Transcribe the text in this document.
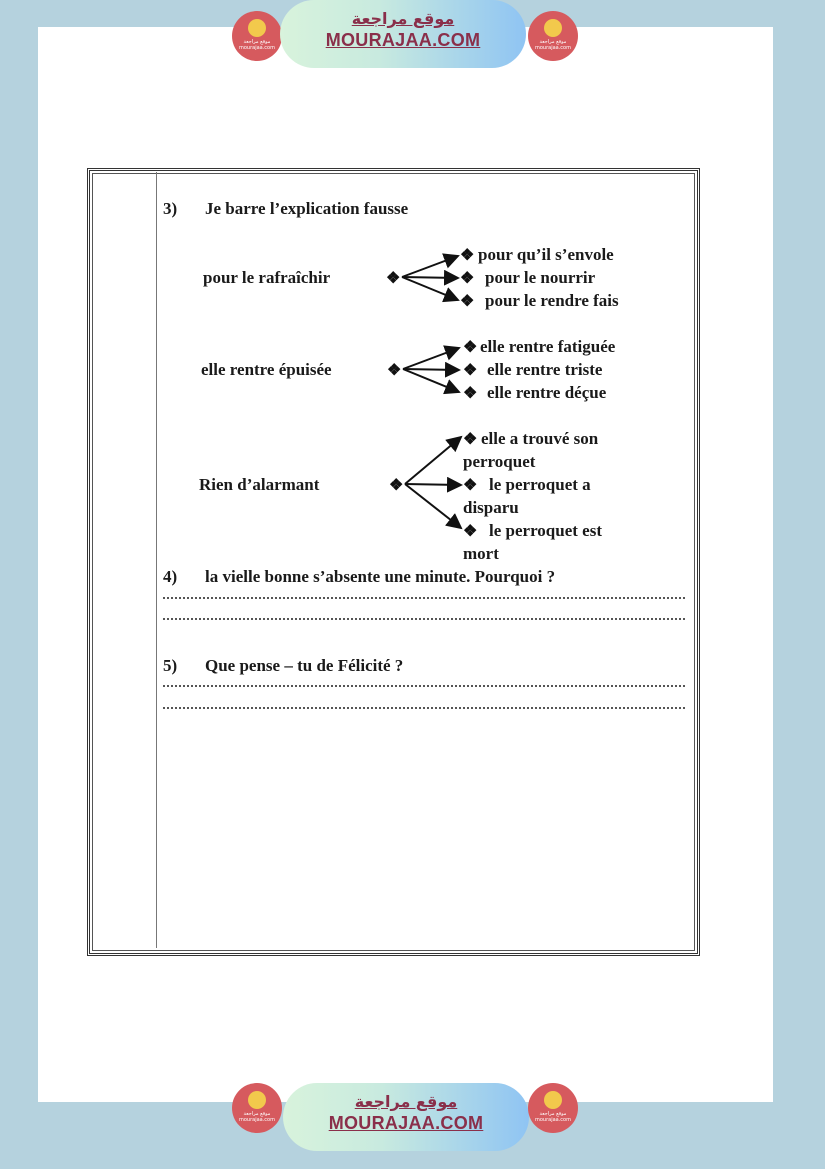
موقع مراجعة
mourajaa.com
موقع مراجعة
MOURAJAA.COM	موقع مراجعة
mourajaa.com
3) Je barre l’explication fausse
pour le rafraîchir	❖
❖ pour qu’il s’envole
❖ pour le nourrir
❖ pour le rendre fais
elle rentre épuisée	❖
❖ elle rentre fatiguée
❖ elle rentre triste
❖ elle rentre déçue
Rien d’alarmant	❖
❖ elle a trouvé son
perroquet
❖ le perroquet a
disparu
❖ le perroquet est
mort
4) la vielle bonne s’absente une minute. Pourquoi ?
5) Que pense – tu de Félicité ?
موقع مراجعة
mourajaa.com
موقع مراجعة
MOURAJAA.COM	موقع مراجعة
mourajaa.com
